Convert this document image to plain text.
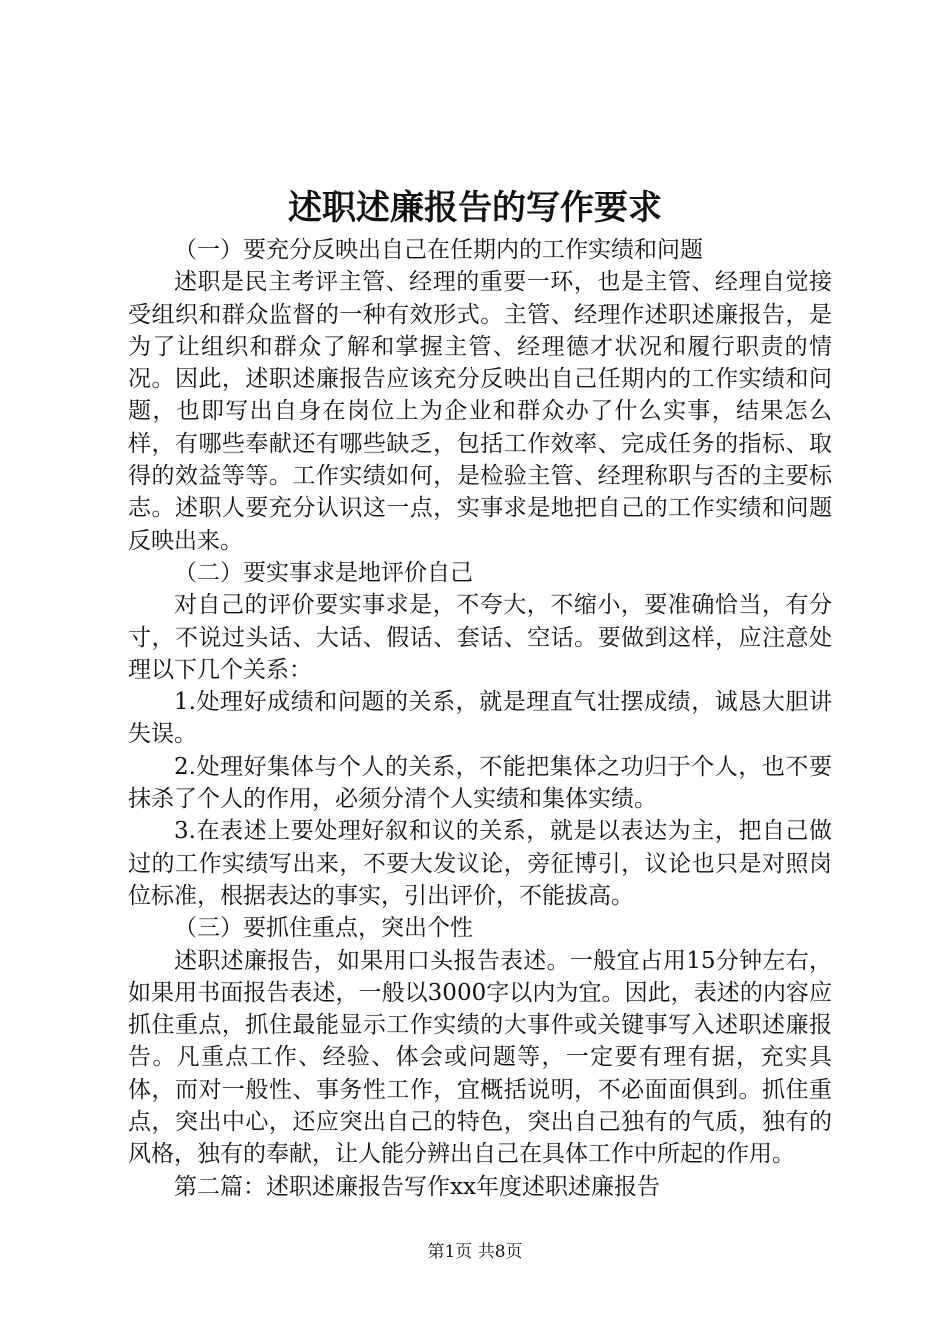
述职述廉报告的写作要求

（一）要充分反映出自己在任期内的工作实绩和问题

述职是民主考评主管、经理的重要一环，也是主管、经理自觉接受组织和群众监督的一种有效形式。主管、经理作述职述廉报告，是为了让组织和群众了解和掌握主管、经理德才状况和履行职责的情况。因此，述职述廉报告应该充分反映出自己任期内的工作实绩和问题，也即写出自身在岗位上为企业和群众办了什么实事，结果怎么样，有哪些奉献还有哪些缺乏，包括工作效率、完成任务的指标、取得的效益等等。工作实绩如何，是检验主管、经理称职与否的主要标志。述职人要充分认识这一点，实事求是地把自己的工作实绩和问题反映出来。

（二）要实事求是地评价自己

对自己的评价要实事求是，不夸大，不缩小，要准确恰当，有分寸，不说过头话、大话、假话、套话、空话。要做到这样，应注意处理以下几个关系：

1.处理好成绩和问题的关系，就是理直气壮摆成绩，诚恳大胆讲失误。

2.处理好集体与个人的关系，不能把集体之功归于个人，也不要抹杀了个人的作用，必须分清个人实绩和集体实绩。

3.在表述上要处理好叙和议的关系，就是以表达为主，把自己做过的工作实绩写出来，不要大发议论，旁征博引，议论也只是对照岗位标准，根据表达的事实，引出评价，不能拔高。

（三）要抓住重点，突出个性

述职述廉报告，如果用口头报告表述。一般宜占用15分钟左右，如果用书面报告表述，一般以3000字以内为宜。因此，表述的内容应抓住重点，抓住最能显示工作实绩的大事件或关键事写入述职述廉报告。凡重点工作、经验、体会或问题等，一定要有理有据，充实具体，而对一般性、事务性工作，宜概括说明，不必面面俱到。抓住重点，突出中心，还应突出自己的特色，突出自己独有的气质，独有的风格，独有的奉献，让人能分辨出自己在具体工作中所起的作用。

第二篇：述职述廉报告写作xx年度述职述廉报告

第1页 共8页
